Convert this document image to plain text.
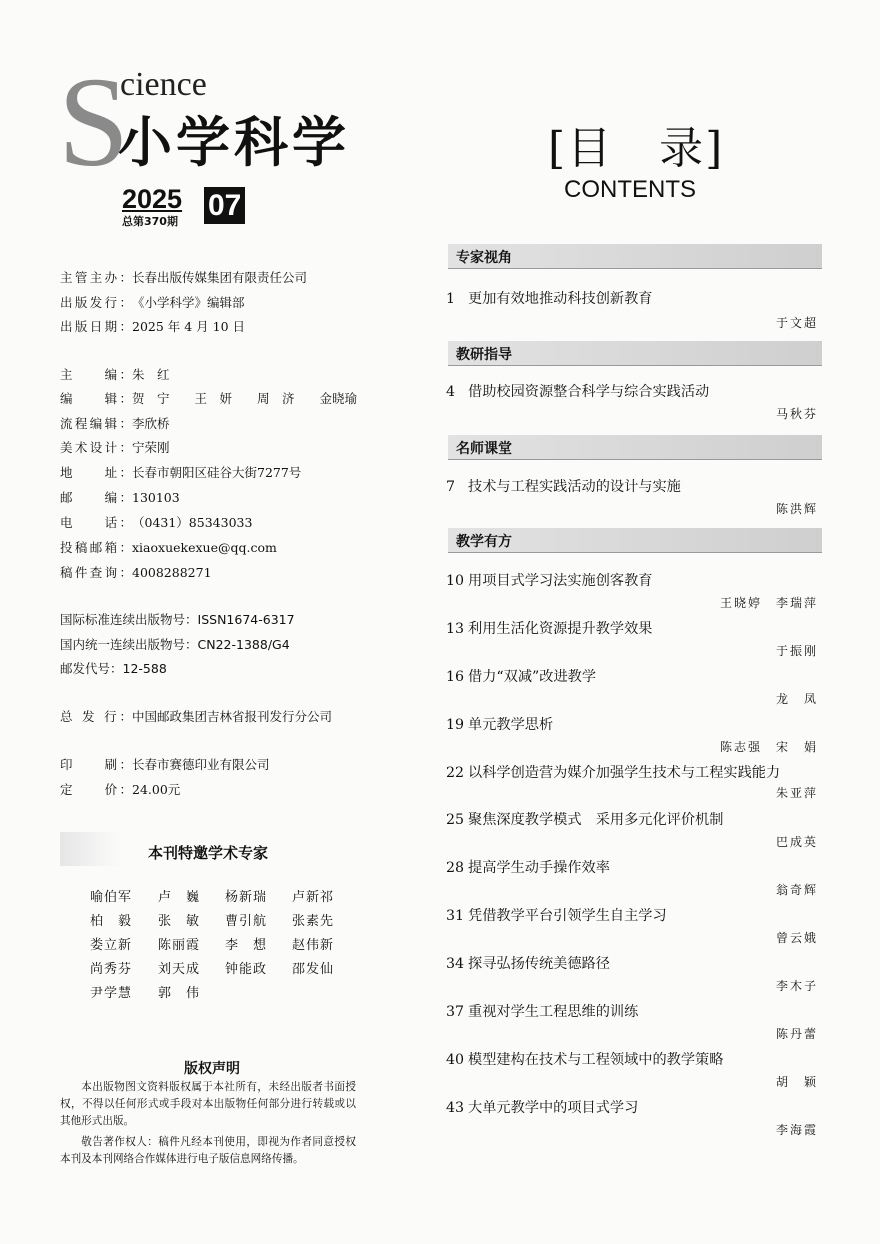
S
cience
小学科学
2025
总第370期 07
主管主办：长春出版传媒集团有限责任公司
出版发行：《小学科学》编辑部
出版日期：2025 年 4 月 10 日
主　　编：朱　红
编　　辑：贺　宁　　王　妍　　周　济　　金晓瑜
流程编辑：李欣桥
美术设计：宁荣刚
地　　址：长春市朝阳区硅谷大街7277号
邮　　编：130103
电　　话：（0431）85343033
投稿邮箱：xiaoxuekexue@qq.com
稿件查询：4008288271
国际标准连续出版物号：ISSN1674-6317
国内统一连续出版物号：CN22-1388/G4
邮发代号：12-588
总 发 行：中国邮政集团吉林省报刊发行分公司
印　　刷：长春市赛德印业有限公司
定　　价：24.00元
本刊特邀学术专家
喻伯军 卢　巍 杨新瑞 卢新祁
柏　毅 张　敏 曹引航 张素先
娄立新 陈丽霞 李　想 赵伟新
尚秀芬 刘天成 钟能政 邵发仙
尹学慧 郭　伟
版权声明
本出版物图文资料版权属于本社所有，未经出版者书面授权，不得以任何形式或手段对本出版物任何部分进行转载或以其他形式出版。
敬告著作权人：稿件凡经本刊使用，即视为作者同意授权本刊及本刊网络合作媒体进行电子版信息网络传播。
[目　录]
CONTENTS
专家视角
1 更加有效地推动科技创新教育
于文超
教研指导
4 借助校园资源整合科学与综合实践活动
马秋芬
名师课堂
7 技术与工程实践活动的设计与实施
陈洪辉
教学有方
10 用项目式学习法实施创客教育
王晓婷　李瑞萍
13 利用生活化资源提升教学效果
于振刚
16 借力“双减”改进教学
龙　凤
19 单元教学思析
陈志强　宋　娟
22 以科学创造营为媒介加强学生技术与工程实践能力
朱亚萍
25 聚焦深度教学模式　采用多元化评价机制
巴成英
28 提高学生动手操作效率
翁奇辉
31 凭借教学平台引领学生自主学习
曾云娥
34 探寻弘扬传统美德路径
李木子
37 重视对学生工程思维的训练
陈丹蕾
40 模型建构在技术与工程领域中的教学策略
胡　颖
43 大单元教学中的项目式学习
李海霞
